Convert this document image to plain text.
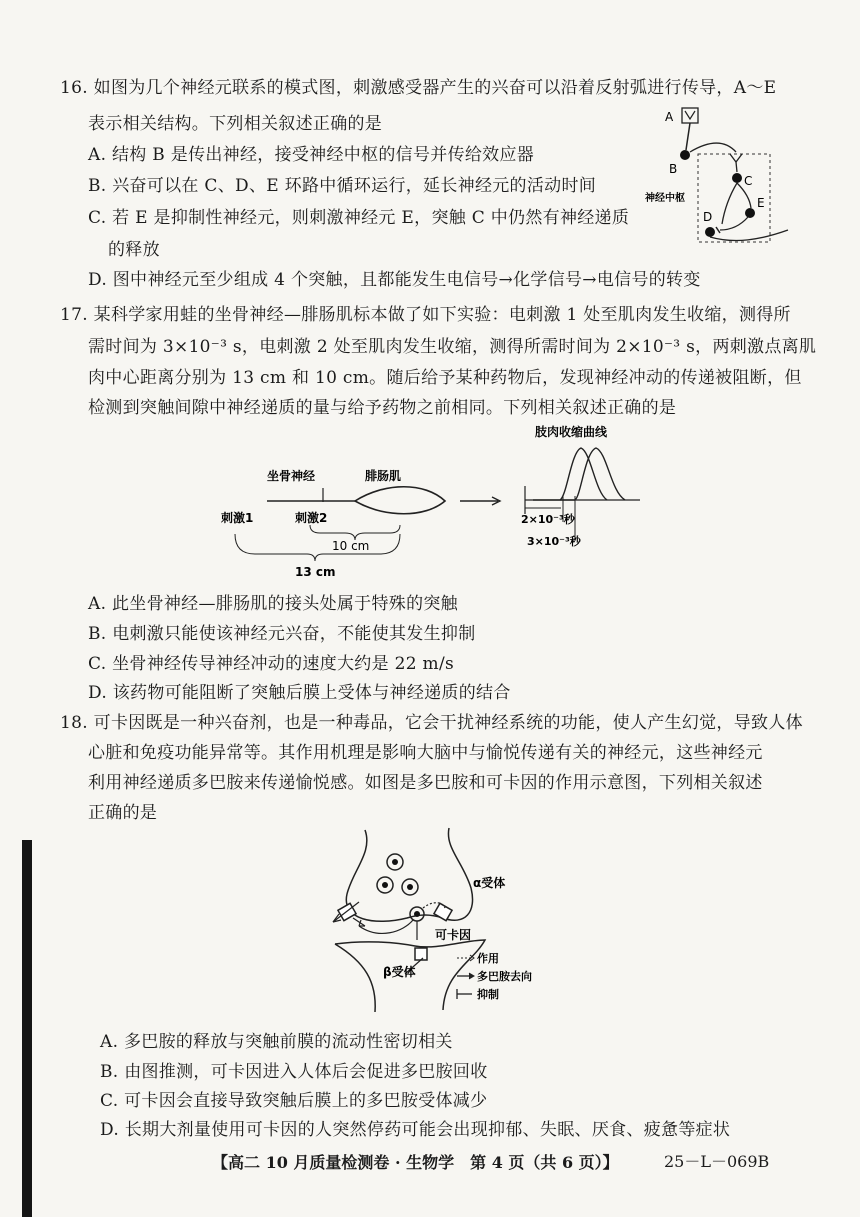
16. 如图为几个神经元联系的模式图，刺激感受器产生的兴奋可以沿着反射弧进行传导，A～E
表示相关结构。下列相关叙述正确的是
A. 结构 B 是传出神经，接受神经中枢的信号并传给效应器
B. 兴奋可以在 C、D、E 环路中循环运行，延长神经元的活动时间
C. 若 E 是抑制性神经元，则刺激神经元 E，突触 C 中仍然有神经递质
的释放
D. 图中神经元至少组成 4 个突触，且都能发生电信号→化学信号→电信号的转变
A
B
神经中枢
C
E
D
17. 某科学家用蛙的坐骨神经—腓肠肌标本做了如下实验：电刺激 1 处至肌肉发生收缩，测得所
需时间为 3×10⁻³ s，电刺激 2 处至肌肉发生收缩，测得所需时间为 2×10⁻³ s，两刺激点离肌
肉中心距离分别为 13 cm 和 10 cm。随后给予某种药物后，发现神经冲动的传递被阻断，但
检测到突触间隙中神经递质的量与给予药物之前相同。下列相关叙述正确的是
坐骨神经	腓肠肌
刺激1	刺激2
10 cm
13 cm
肢肉收缩曲线
2×10⁻³秒
3×10⁻³秒
A. 此坐骨神经—腓肠肌的接头处属于特殊的突触
B. 电刺激只能使该神经元兴奋，不能使其发生抑制
C. 坐骨神经传导神经冲动的速度大约是 22 m/s
D. 该药物可能阻断了突触后膜上受体与神经递质的结合
18. 可卡因既是一种兴奋剂，也是一种毒品，它会干扰神经系统的功能，使人产生幻觉，导致人体
心脏和免疫功能异常等。其作用机理是影响大脑中与愉悦传递有关的神经元，这些神经元
利用神经递质多巴胺来传递愉悦感。如图是多巴胺和可卡因的作用示意图，下列相关叙述
正确的是
α受体
可卡因
β受体
作用
多巴胺去向
抑制
A. 多巴胺的释放与突触前膜的流动性密切相关
B. 由图推测，可卡因进入人体后会促进多巴胺回收
C. 可卡因会直接导致突触后膜上的多巴胺受体减少
D. 长期大剂量使用可卡因的人突然停药可能会出现抑郁、失眠、厌食、疲惫等症状
【高二 10 月质量检测卷 · 生物学　第 4 页（共 6 页）】	25－L－069B
